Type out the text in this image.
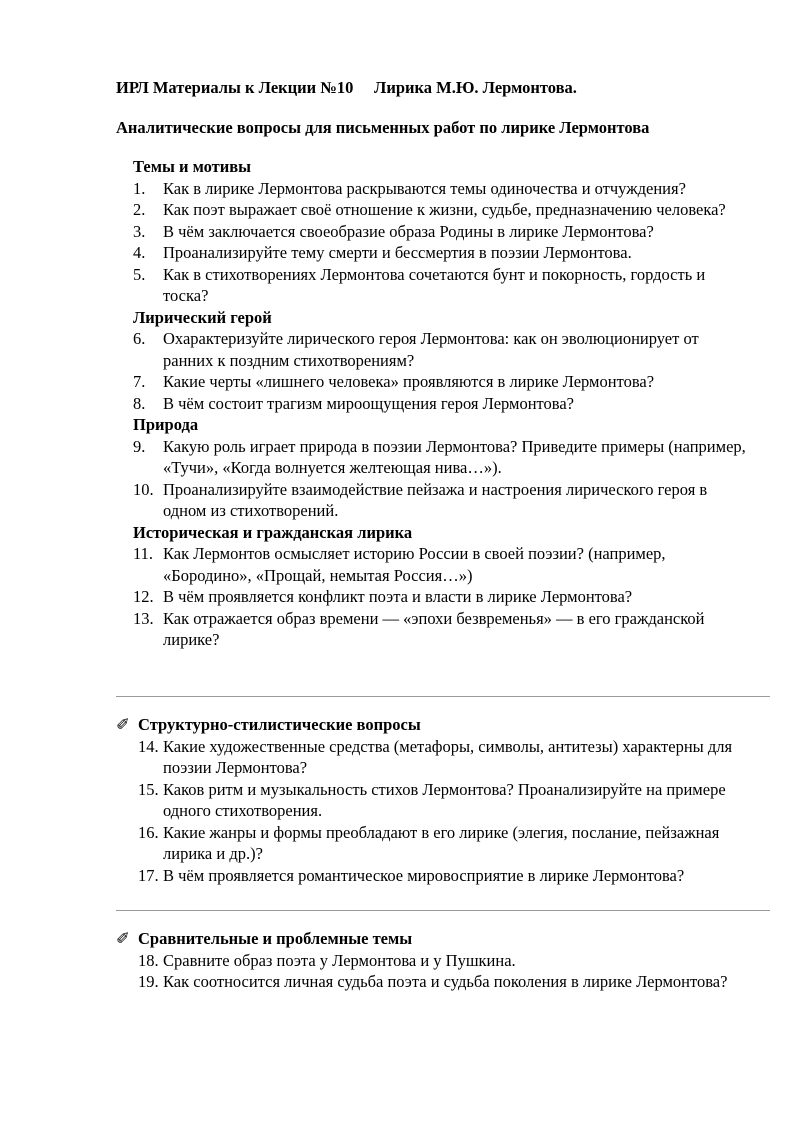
ИРЛ Материалы к Лекции №10     Лирика М.Ю. Лермонтова.
Аналитические вопросы для письменных работ по лирике Лермонтова
Темы и мотивы
1.	Как в лирике Лермонтова раскрываются темы одиночества и отчуждения?
2.	Как поэт выражает своё отношение к жизни, судьбе, предназначению человека?
3.	В чём заключается своеобразие образа Родины в лирике Лермонтова?
4.	Проанализируйте тему смерти и бессмертия в поэзии Лермонтова.
5.	Как в стихотворениях Лермонтова сочетаются бунт и покорность, гордость и тоска?
Лирический герой
6.	Охарактеризуйте лирического героя Лермонтова: как он эволюционирует от ранних к поздним стихотворениям?
7.	Какие черты «лишнего человека» проявляются в лирике Лермонтова?
8.	В чём состоит трагизм мироощущения героя Лермонтова?
Природа
9.	Какую роль играет природа в поэзии Лермонтова? Приведите примеры (например, «Тучи», «Когда волнуется желтеющая нива…»).
10. Проанализируйте взаимодействие пейзажа и настроения лирического героя в одном из стихотворений.
Историческая и гражданская лирика
11. Как Лермонтов осмысляет историю России в своей поэзии? (например, «Бородино», «Прощай, немытая Россия…»)
12. В чём проявляется конфликт поэта и власти в лирике Лермонтова?
13. Как отражается образ времени — «эпохи безвременья» — в его гражданской лирике?
✐ Структурно-стилистические вопросы
14. Какие художественные средства (метафоры, символы, антитезы) характерны для поэзии Лермонтова?
15. Каков ритм и музыкальность стихов Лермонтова? Проанализируйте на примере одного стихотворения.
16. Какие жанры и формы преобладают в его лирике (элегия, послание, пейзажная лирика и др.)?
17. В чём проявляется романтическое мировосприятие в лирике Лермонтова?
✐ Сравнительные и проблемные темы
18. Сравните образ поэта у Лермонтова и у Пушкина.
19. Как соотносится личная судьба поэта и судьба поколения в лирике Лермонтова?
